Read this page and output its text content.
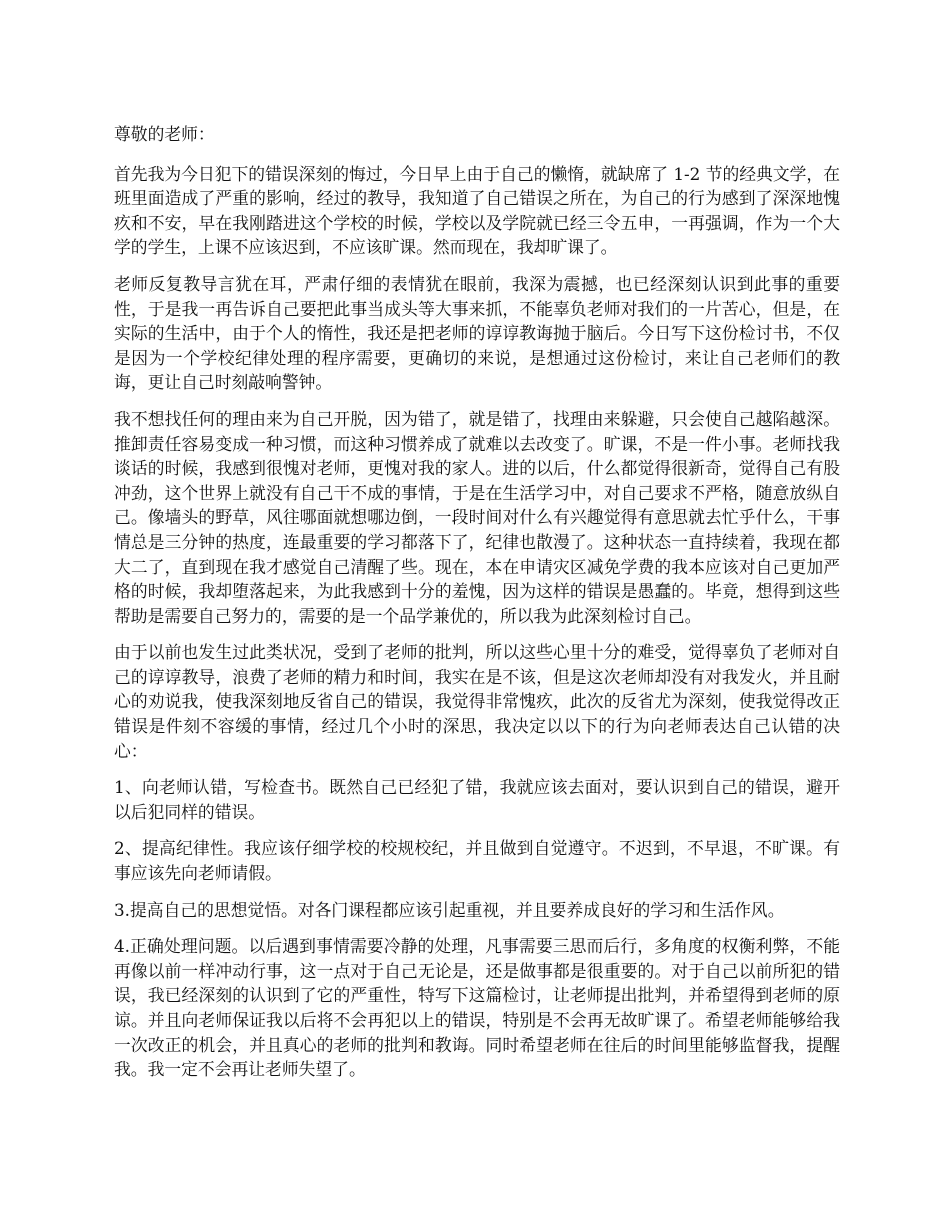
尊敬的老师：

首先我为今日犯下的错误深刻的悔过，今日早上由于自己的懒惰，就缺席了 1-2 节的经典文学，在班里面造成了严重的影响，经过的教导，我知道了自己错误之所在，为自己的行为感到了深深地愧疚和不安，早在我刚踏进这个学校的时候，学校以及学院就已经三令五申，一再强调，作为一个大学的学生，上课不应该迟到，不应该旷课。然而现在，我却旷课了。

老师反复教导言犹在耳，严肃仔细的表情犹在眼前，我深为震撼，也已经深刻认识到此事的重要性，于是我一再告诉自己要把此事当成头等大事来抓，不能辜负老师对我们的一片苦心，但是，在实际的生活中，由于个人的惰性，我还是把老师的谆谆教诲抛于脑后。今日写下这份检讨书，不仅是因为一个学校纪律处理的程序需要，更确切的来说，是想通过这份检讨，来让自己老师们的教诲，更让自己时刻敲响警钟。

我不想找任何的理由来为自己开脱，因为错了，就是错了，找理由来躲避，只会使自己越陷越深。推卸责任容易变成一种习惯，而这种习惯养成了就难以去改变了。旷课，不是一件小事。老师找我谈话的时候，我感到很愧对老师，更愧对我的家人。进的以后，什么都觉得很新奇，觉得自己有股冲劲，这个世界上就没有自己干不成的事情，于是在生活学习中，对自己要求不严格，随意放纵自己。像墙头的野草，风往哪面就想哪边倒，一段时间对什么有兴趣觉得有意思就去忙乎什么，干事情总是三分钟的热度，连最重要的学习都落下了，纪律也散漫了。这种状态一直持续着，我现在都大二了，直到现在我才感觉自己清醒了些。现在，本在申请灾区减免学费的我本应该对自己更加严格的时候，我却堕落起来，为此我感到十分的羞愧，因为这样的错误是愚蠢的。毕竟，想得到这些帮助是需要自己努力的，需要的是一个品学兼优的，所以我为此深刻检讨自己。

由于以前也发生过此类状况，受到了老师的批判，所以这些心里十分的难受，觉得辜负了老师对自己的谆谆教导，浪费了老师的精力和时间，我实在是不该，但是这次老师却没有对我发火，并且耐心的劝说我，使我深刻地反省自己的错误，我觉得非常愧疚，此次的反省尤为深刻，使我觉得改正错误是件刻不容缓的事情，经过几个小时的深思，我决定以以下的行为向老师表达自己认错的决心：

1、向老师认错，写检查书。既然自己已经犯了错，我就应该去面对，要认识到自己的错误，避开以后犯同样的错误。

2、提高纪律性。我应该仔细学校的校规校纪，并且做到自觉遵守。不迟到，不早退，不旷课。有事应该先向老师请假。

3.提高自己的思想觉悟。对各门课程都应该引起重视，并且要养成良好的学习和生活作风。

4.正确处理问题。以后遇到事情需要冷静的处理，凡事需要三思而后行，多角度的权衡利弊，不能再像以前一样冲动行事，这一点对于自己无论是，还是做事都是很重要的。对于自己以前所犯的错误，我已经深刻的认识到了它的严重性，特写下这篇检讨，让老师提出批判，并希望得到老师的原谅。并且向老师保证我以后将不会再犯以上的错误，特别是不会再无故旷课了。希望老师能够给我一次改正的机会，并且真心的老师的批判和教诲。同时希望老师在往后的时间里能够监督我，提醒我。我一定不会再让老师失望了。
